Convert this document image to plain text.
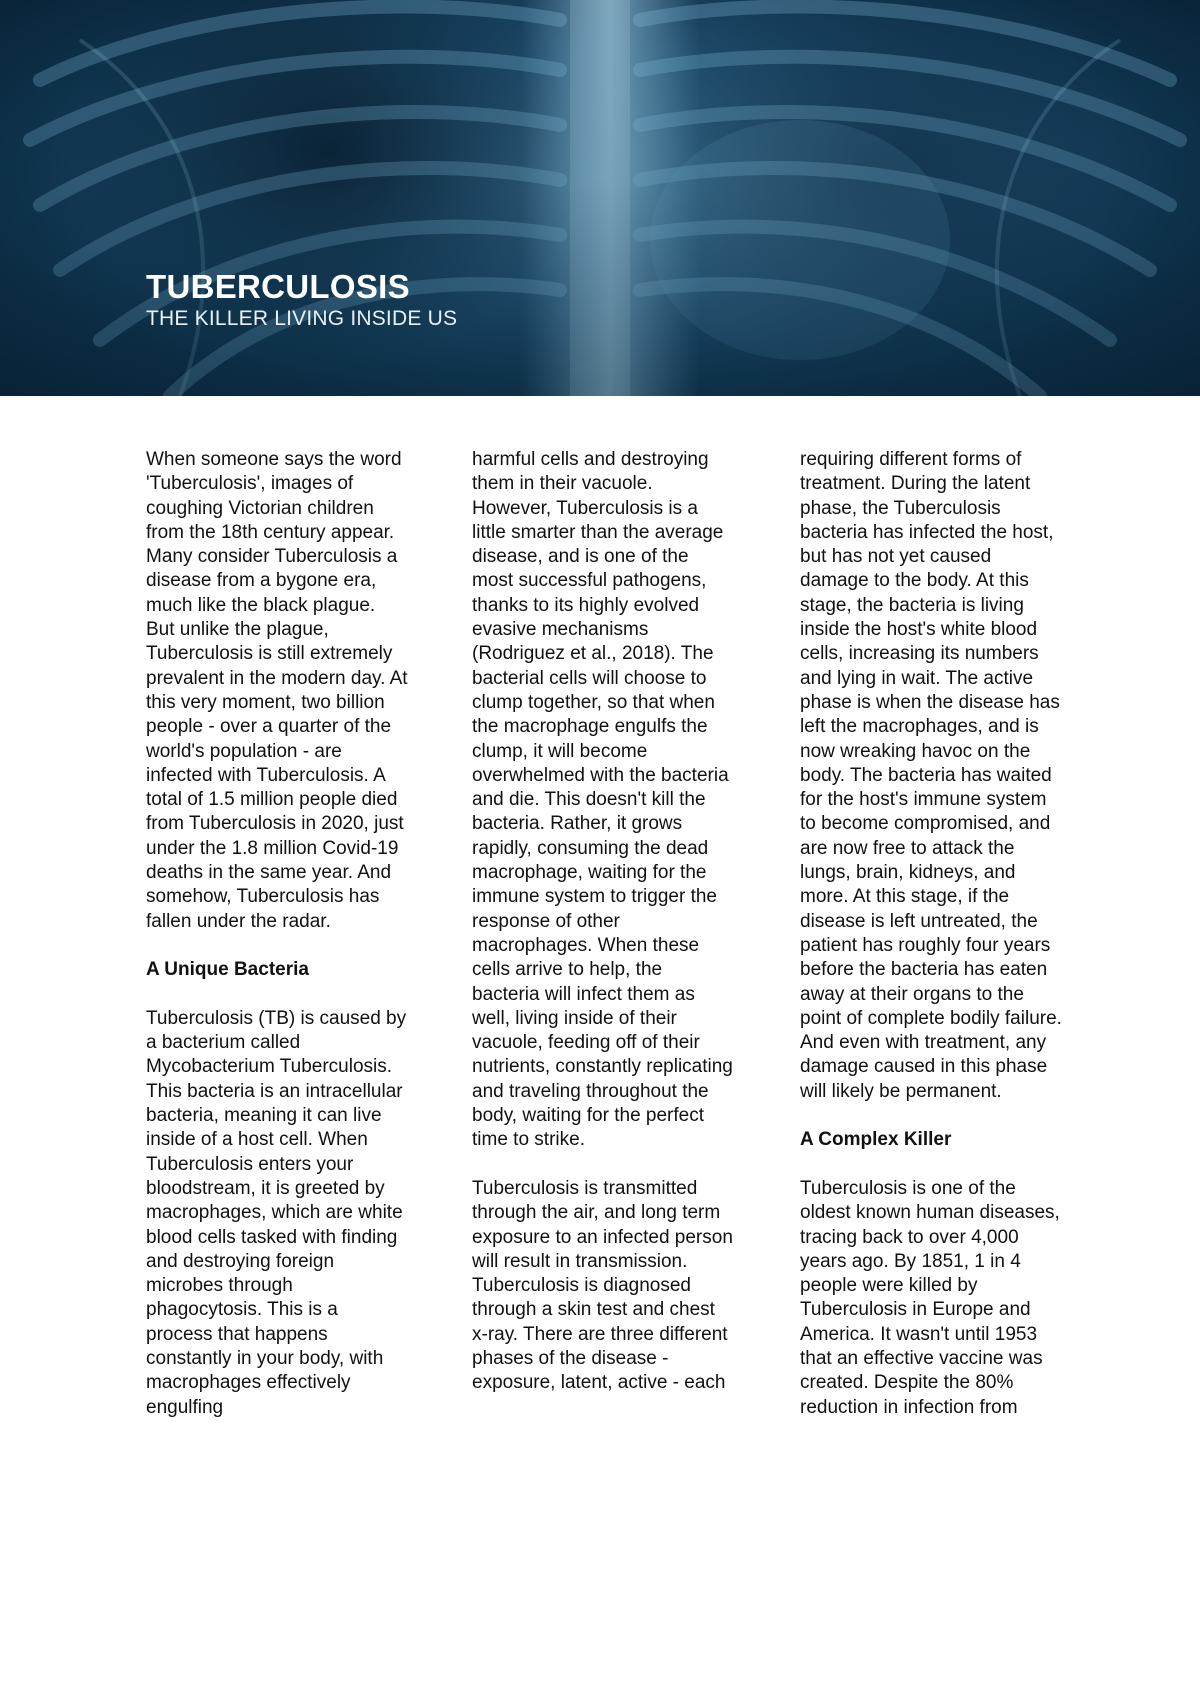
TUBERCULOSIS

THE KILLER LIVING INSIDE US

When someone says the word 'Tuberculosis', images of coughing Victorian children from the 18th century appear. Many consider Tuberculosis a disease from a bygone era, much like the black plague. But unlike the plague, Tuberculosis is still extremely prevalent in the modern day. At this very moment, two billion people - over a quarter of the world's population - are infected with Tuberculosis. A total of 1.5 million people died from Tuberculosis in 2020, just under the 1.8 million Covid-19 deaths in the same year. And somehow, Tuberculosis has fallen under the radar.

A Unique Bacteria

Tuberculosis (TB) is caused by a bacterium called Mycobacterium Tuberculosis. This bacteria is an intracellular bacteria, meaning it can live inside of a host cell. When Tuberculosis enters your bloodstream, it is greeted by macrophages, which are white blood cells tasked with finding and destroying foreign microbes through phagocytosis. This is a process that happens constantly in your body, with macrophages effectively engulfing

harmful cells and destroying them in their vacuole. However, Tuberculosis is a little smarter than the average disease, and is one of the most successful pathogens, thanks to its highly evolved evasive mechanisms (Rodriguez et al., 2018). The bacterial cells will choose to clump together, so that when the macrophage engulfs the clump, it will become overwhelmed with the bacteria and die. This doesn't kill the bacteria. Rather, it grows rapidly, consuming the dead macrophage, waiting for the immune system to trigger the response of other macrophages. When these cells arrive to help, the bacteria will infect them as well, living inside of their vacuole, feeding off of their nutrients, constantly replicating and traveling throughout the body, waiting for the perfect time to strike.

Tuberculosis is transmitted through the air, and long term exposure to an infected person will result in transmission. Tuberculosis is diagnosed through a skin test and chest x-ray. There are three different phases of the disease - exposure, latent, active - each

requiring different forms of treatment. During the latent phase, the Tuberculosis bacteria has infected the host, but has not yet caused damage to the body. At this stage, the bacteria is living inside the host's white blood cells, increasing its numbers and lying in wait. The active phase is when the disease has left the macrophages, and is now wreaking havoc on the body. The bacteria has waited for the host's immune system to become compromised, and are now free to attack the lungs, brain, kidneys, and more. At this stage, if the disease is left untreated, the patient has roughly four years before the bacteria has eaten away at their organs to the point of complete bodily failure. And even with treatment, any damage caused in this phase will likely be permanent.

A Complex Killer

Tuberculosis is one of the oldest known human diseases, tracing back to over 4,000 years ago. By 1851, 1 in 4 people were killed by Tuberculosis in Europe and America. It wasn't until 1953 that an effective vaccine was created. Despite the 80% reduction in infection from
